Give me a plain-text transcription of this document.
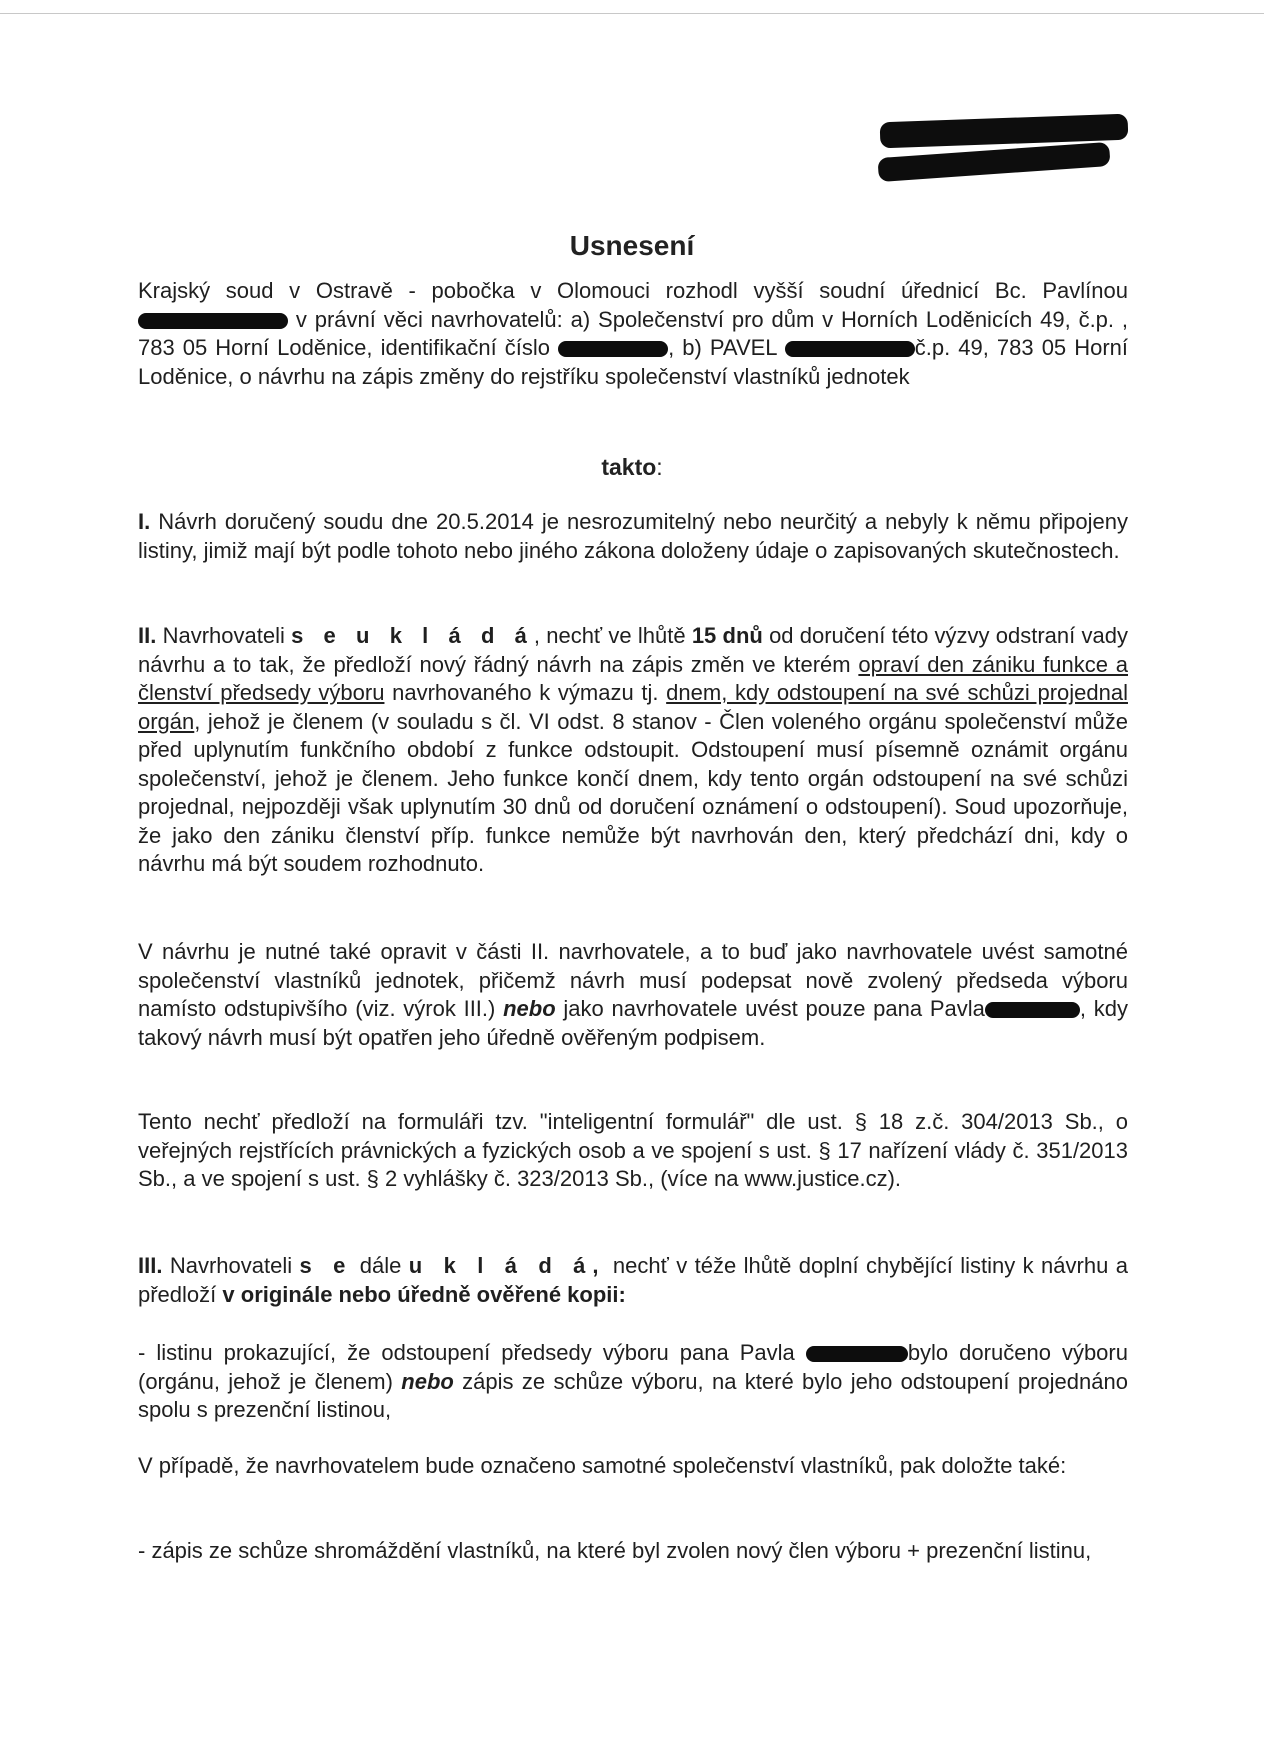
Usnesení
Krajský soud v Ostravě - pobočka v Olomouci rozhodl vyšší soudní úřednicí Bc. Pavlínou  v právní věci navrhovatelů: a) Společenství pro dům v Horních Loděnicích 49, č.p. , 783 05 Horní Loděnice, identifikační číslo	, b) PAVEL	č.p. 49, 783 05 Horní Loděnice, o návrhu na zápis změny do rejstříku společenství vlastníků jednotek
takto:
I. Návrh doručený soudu dne 20.5.2014 je nesrozumitelný nebo neurčitý a nebyly k němu připojeny listiny, jimiž mají být podle tohoto nebo jiného zákona doloženy údaje o zapisovaných skutečnostech.
II. Navrhovateli s e u k l á d á, nechť ve lhůtě 15 dnů od doručení této výzvy odstraní vady návrhu a to tak, že předloží nový řádný návrh na zápis změn ve kterém opraví den zániku funkce a členství předsedy výboru navrhovaného k výmazu tj. dnem, kdy odstoupení na své schůzi projednal orgán, jehož je členem (v souladu s čl. VI odst. 8 stanov - Člen voleného orgánu společenství může před uplynutím funkčního období z funkce odstoupit. Odstoupení musí písemně oznámit orgánu společenství, jehož je členem. Jeho funkce končí dnem, kdy tento orgán odstoupení na své schůzi projednal, nejpozději však uplynutím 30 dnů od doručení oznámení o odstoupení). Soud upozorňuje, že jako den zániku členství příp. funkce nemůže být navrhován den, který předchází dni, kdy o návrhu má být soudem rozhodnuto.
V návrhu je nutné také opravit v části II. navrhovatele, a to buď jako navrhovatele uvést samotné společenství vlastníků jednotek, přičemž návrh musí podepsat nově zvolený předseda výboru namísto odstupivšího (viz. výrok III.) nebo jako navrhovatele uvést pouze pana Pavla	, kdy takový návrh musí být opatřen jeho úředně ověřeným podpisem.
Tento nechť předloží na formuláři tzv. "inteligentní formulář" dle ust. § 18 z.č. 304/2013 Sb., o veřejných rejstřících právnických a fyzických osob a ve spojení s ust. § 17 nařízení vlády č. 351/2013 Sb., a ve spojení s ust. § 2 vyhlášky č. 323/2013 Sb., (více na www.justice.cz).
III. Navrhovateli s e dále u k l á d á, nechť v téže lhůtě doplní chybějící listiny k návrhu a předloží v originále nebo úředně ověřené kopii:
- listinu prokazující, že odstoupení předsedy výboru pana Pavla	bylo doručeno výboru (orgánu, jehož je členem) nebo zápis ze schůze výboru, na které bylo jeho odstoupení projednáno spolu s prezenční listinou,
V případě, že navrhovatelem bude označeno samotné společenství vlastníků, pak doložte také:
- zápis ze schůze shromáždění vlastníků, na které byl zvolen nový člen výboru + prezenční listinu,
